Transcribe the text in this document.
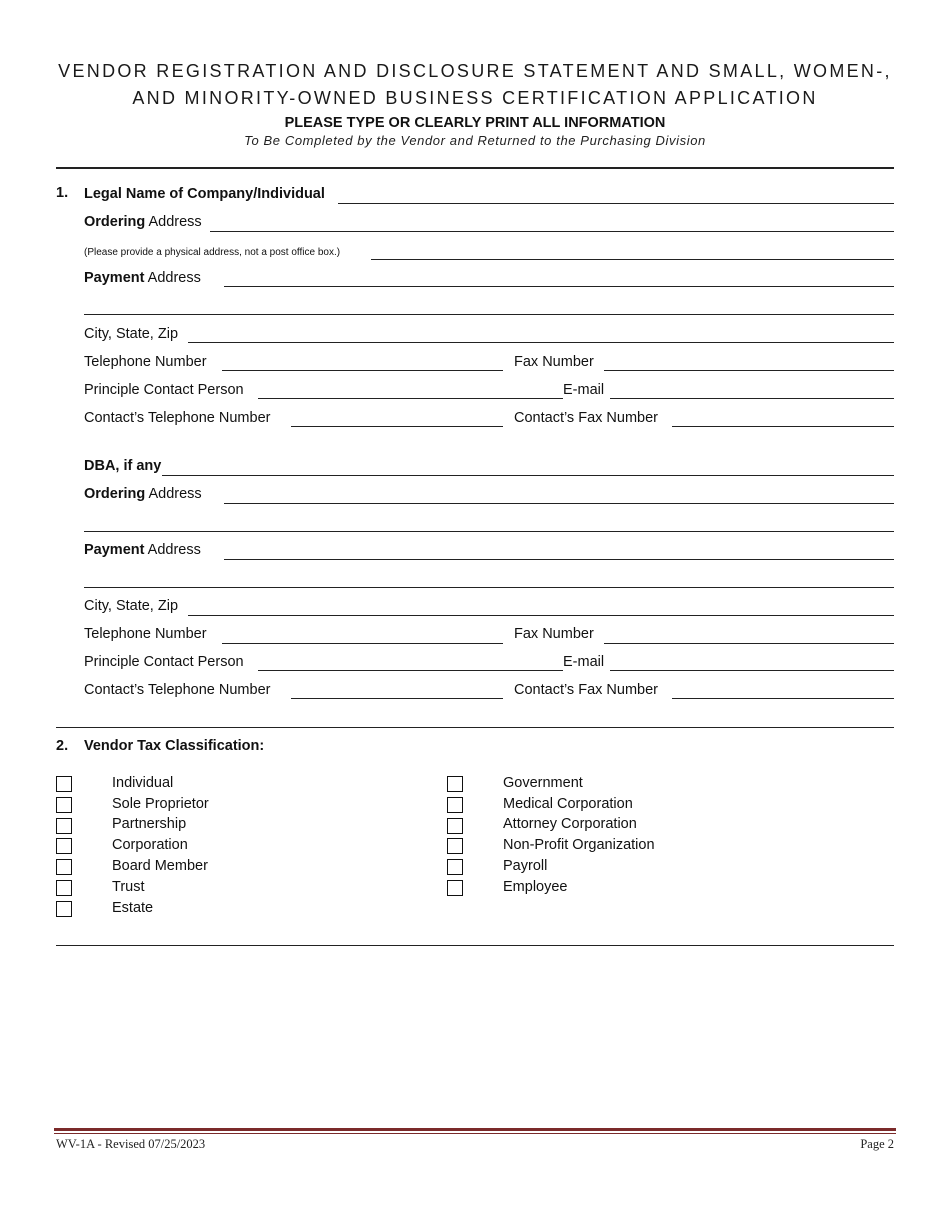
VENDOR REGISTRATION AND DISCLOSURE STATEMENT AND SMALL, WOMEN-,
AND MINORITY-OWNED BUSINESS CERTIFICATION APPLICATION
PLEASE TYPE OR CLEARLY PRINT ALL INFORMATION
To Be Completed by the Vendor and Returned to the Purchasing Division
1. Legal Name of Company/Individual
Ordering Address
(Please provide a physical address, not a post office box.)
Payment Address
City, State, Zip
Telephone Number	Fax Number
Principle Contact Person	E-mail
Contact’s Telephone Number	Contact’s Fax Number
DBA, if any
Ordering Address
Payment Address
City, State, Zip
Telephone Number	Fax Number
Principle Contact Person	E-mail
Contact’s Telephone Number	Contact’s Fax Number
2. Vendor Tax Classification:
Individual
Sole Proprietor
Partnership
Corporation
Board Member
Trust
Estate
Government
Medical Corporation
Attorney Corporation
Non-Profit Organization
Payroll
Employee
WV-1A - Revised 07/25/2023	Page 2
